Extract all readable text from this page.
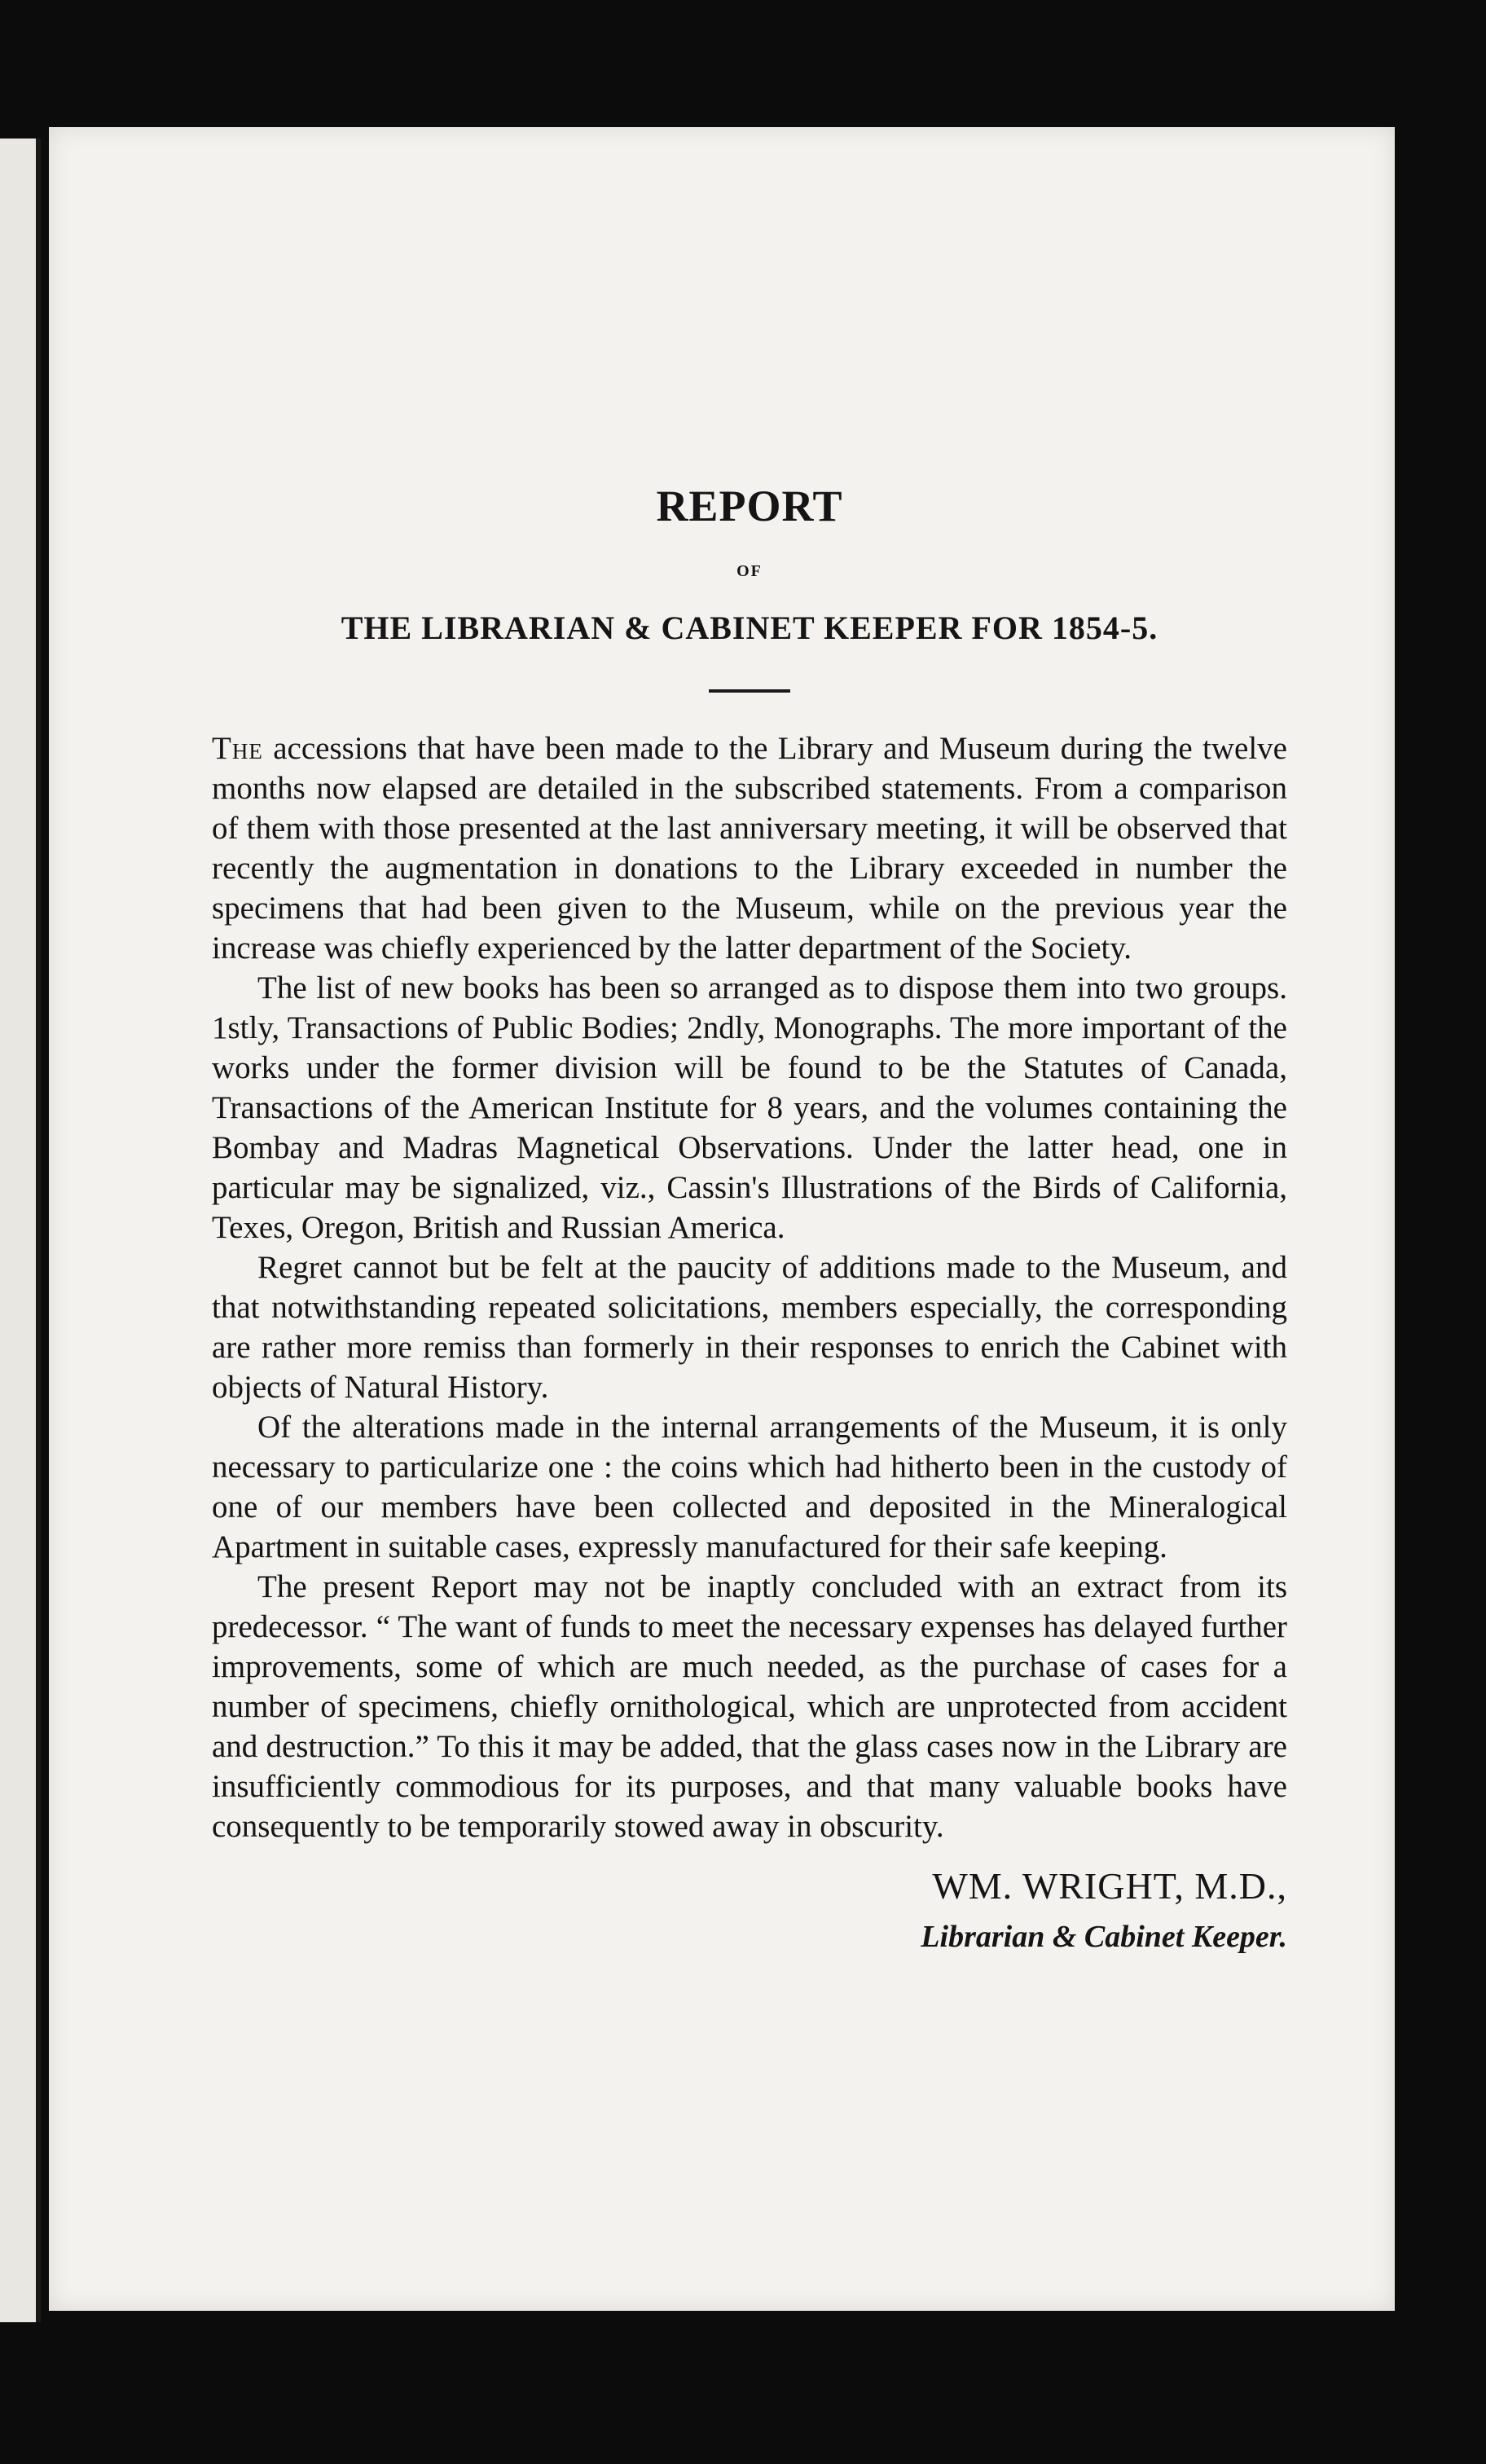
REPORT
OF
THE LIBRARIAN & CABINET KEEPER FOR 1854-5.

The accessions that have been made to the Library and Museum during the twelve months now elapsed are detailed in the subscribed statements. From a comparison of them with those presented at the last anniversary meeting, it will be observed that recently the augmentation in donations to the Library exceeded in number the specimens that had been given to the Museum, while on the previous year the increase was chiefly experienced by the latter department of the Society.

The list of new books has been so arranged as to dispose them into two groups. 1stly, Transactions of Public Bodies; 2ndly, Monographs. The more important of the works under the former division will be found to be the Statutes of Canada, Transactions of the American Institute for 8 years, and the volumes containing the Bombay and Madras Magnetical Observations. Under the latter head, one in particular may be signalized, viz., Cassin's Illustrations of the Birds of California, Texes, Oregon, British and Russian America.

Regret cannot but be felt at the paucity of additions made to the Museum, and that notwithstanding repeated solicitations, members especially, the corresponding are rather more remiss than formerly in their responses to enrich the Cabinet with objects of Natural History.

Of the alterations made in the internal arrangements of the Museum, it is only necessary to particularize one : the coins which had hitherto been in the custody of one of our members have been collected and deposited in the Mineralogical Apartment in suitable cases, expressly manufactured for their safe keeping.

The present Report may not be inaptly concluded with an extract from its predecessor. “ The want of funds to meet the necessary expenses has delayed further improvements, some of which are much needed, as the purchase of cases for a number of specimens, chiefly ornithological, which are unprotected from accident and destruction.” To this it may be added, that the glass cases now in the Library are insufficiently commodious for its purposes, and that many valuable books have consequently to be temporarily stowed away in obscurity.

WM. WRIGHT, M.D.,
Librarian & Cabinet Keeper.
